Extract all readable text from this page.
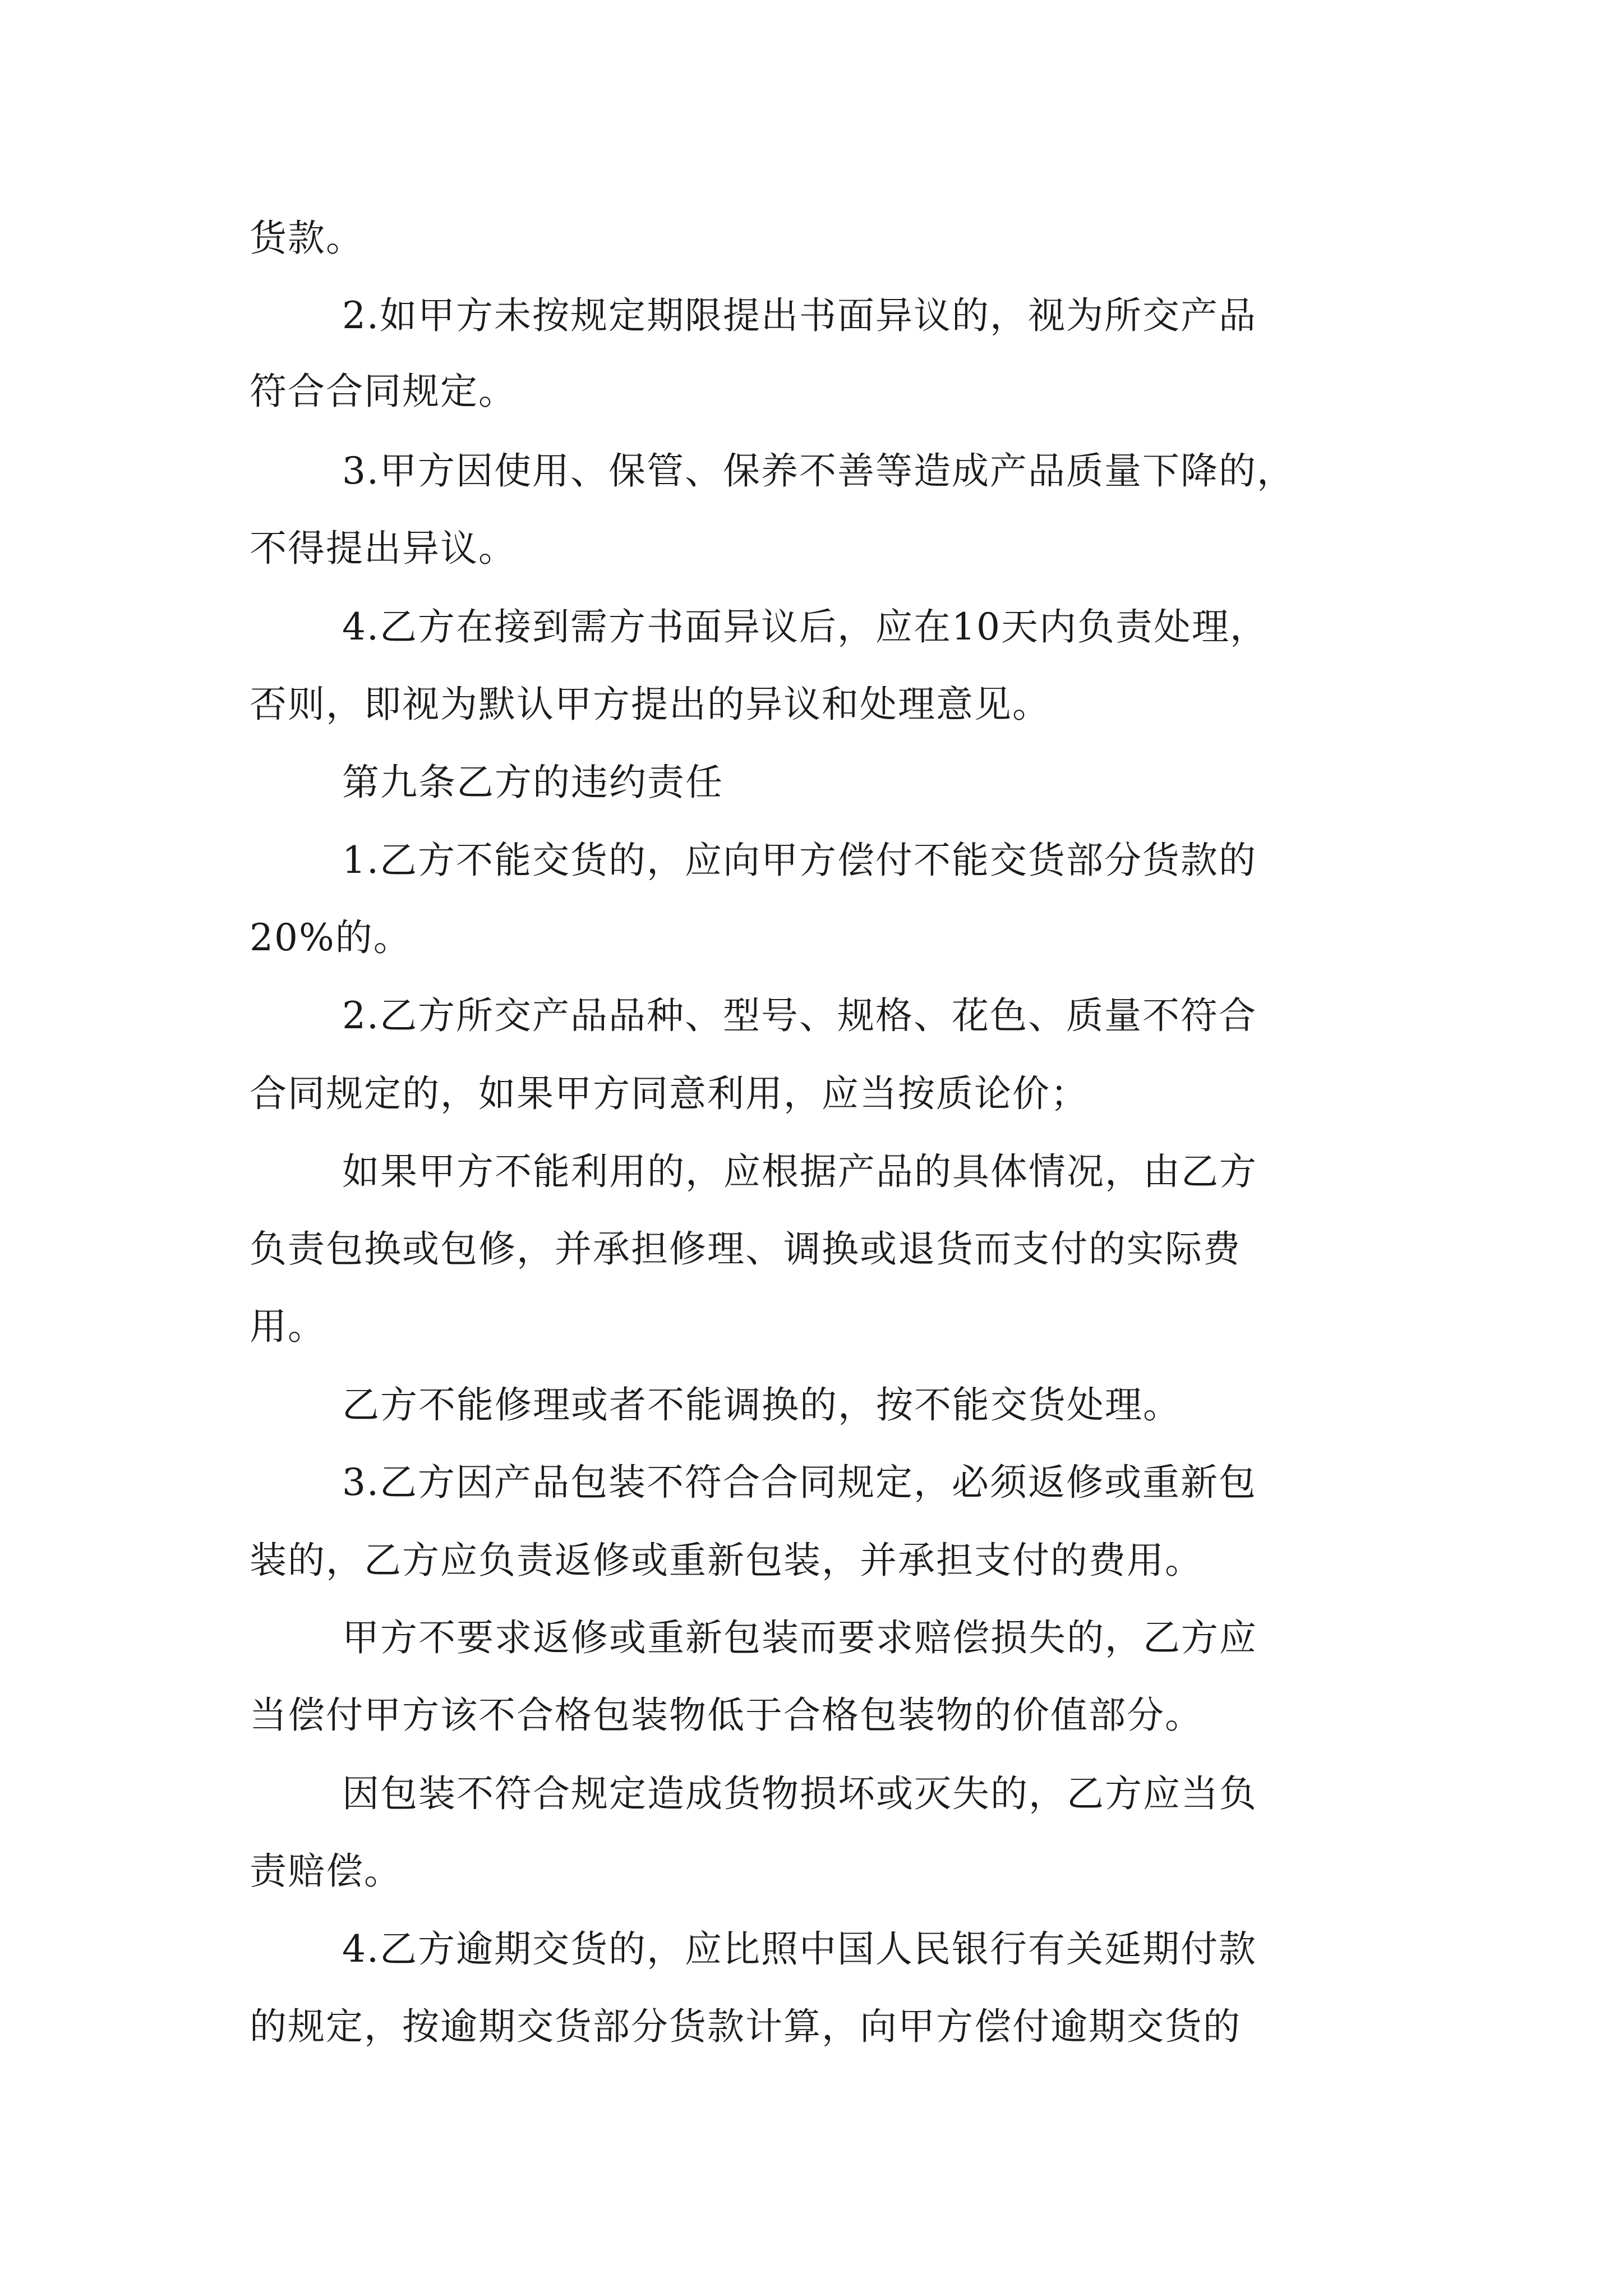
货款。
2.如甲方未按规定期限提出书面异议的，视为所交产品
符合合同规定。
3.甲方因使用、保管、保养不善等造成产品质量下降的，
不得提出异议。
4.乙方在接到需方书面异议后，应在10天内负责处理，
否则，即视为默认甲方提出的异议和处理意见。
第九条乙方的违约责任
1.乙方不能交货的，应向甲方偿付不能交货部分货款的
20%的。
2.乙方所交产品品种、型号、规格、花色、质量不符合
合同规定的，如果甲方同意利用，应当按质论价；
如果甲方不能利用的，应根据产品的具体情况，由乙方
负责包换或包修，并承担修理、调换或退货而支付的实际费
用。
乙方不能修理或者不能调换的，按不能交货处理。
3.乙方因产品包装不符合合同规定，必须返修或重新包
装的，乙方应负责返修或重新包装，并承担支付的费用。
甲方不要求返修或重新包装而要求赔偿损失的，乙方应
当偿付甲方该不合格包装物低于合格包装物的价值部分。
因包装不符合规定造成货物损坏或灭失的，乙方应当负
责赔偿。
4.乙方逾期交货的，应比照中国人民银行有关延期付款
的规定，按逾期交货部分货款计算，向甲方偿付逾期交货的
